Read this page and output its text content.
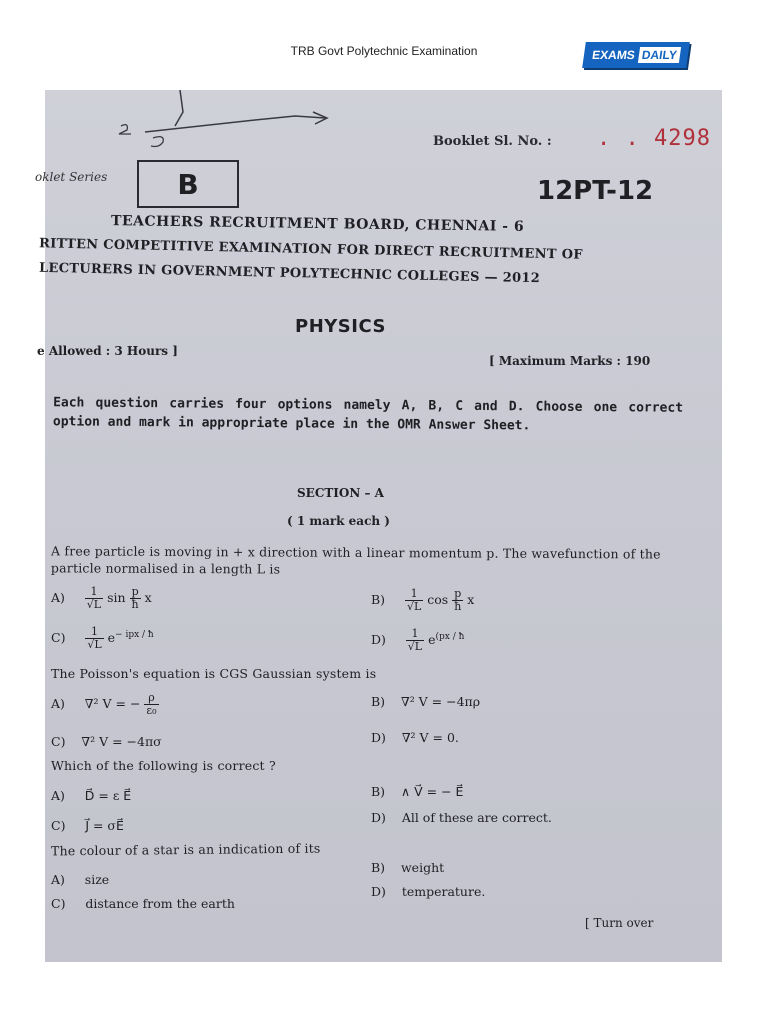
TRB Govt Polytechnic Examination	EXAMS DAILY
Booklet Sl. No. : . . 4298
oklet Series	B	12PT-12
TEACHERS RECRUITMENT BOARD, CHENNAI - 6
RITTEN COMPETITIVE EXAMINATION FOR DIRECT RECRUITMENT OF
LECTURERS IN GOVERNMENT POLYTECHNIC COLLEGES — 2012
PHYSICS
e Allowed : 3 Hours ]
[ Maximum Marks : 190
Each question carries four options namely A, B, C and D. Choose one correct option and mark in appropriate place in the OMR Answer Sheet.
SECTION – A
( 1 mark each )
A free particle is moving in + x direction with a linear momentum p. The wavefunction of the particle normalised in a length L is
$A) \frac{1}{√L}$ $\sin \frac{p}{ħ}$ x	$B) \frac{1}{√L}$ $\cos \frac{p}{ħ}$ x
$C) \frac{1}{√L} e^{- ipx / ħ}$	$D) \frac{1}{√L} e^{(px / ħ}$
The Poisson's equation is CGS Gaussian system is
A) ∇² V = − $\frac{\rho}{\text{ε₀}}$	B) ∇² V = −4πρ
C) ∇² V = −4πσ	D) ∇² V = 0.
Which of the following is correct ?
A) D⃗ = ε E⃗	B) ∧ V⃗ = − E⃗
C) J⃗ = σE⃗
D) All of these are correct.
The colour of a star is an indication of its
A) size
B) weight
C) distance from the earth
D) temperature.
[ Turn over
